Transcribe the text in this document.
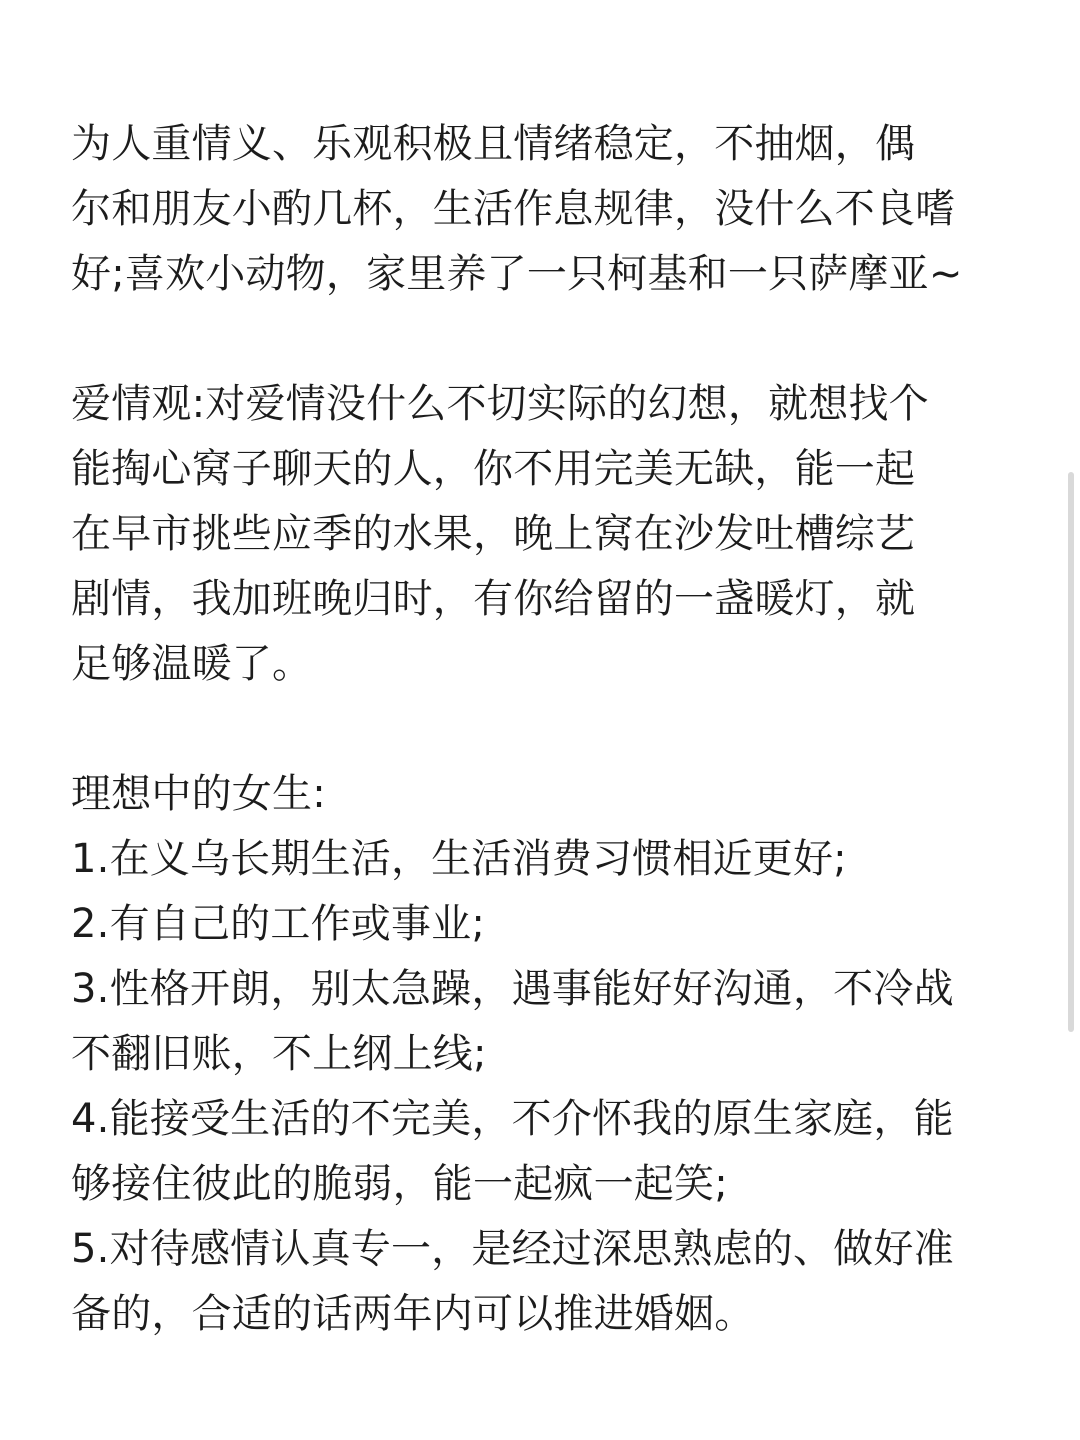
为人重情义、乐观积极且情绪稳定，不抽烟，偶
尔和朋友小酌几杯，生活作息规律，没什么不良嗜
好;喜欢小动物，家里养了一只柯基和一只萨摩亚~
爱情观:对爱情没什么不切实际的幻想，就想找个
能掏心窝子聊天的人，你不用完美无缺，能一起
在早市挑些应季的水果，晚上窝在沙发吐槽综艺
剧情，我加班晚归时，有你给留的一盏暖灯，就
足够温暖了。
理想中的女生:
1.在义乌长期生活，生活消费习惯相近更好;
2.有自己的工作或事业;
3.性格开朗，别太急躁，遇事能好好沟通，不冷战
不翻旧账，不上纲上线;
4.能接受生活的不完美，不介怀我的原生家庭，能
够接住彼此的脆弱，能一起疯一起笑;
5.对待感情认真专一，是经过深思熟虑的、做好准
备的，合适的话两年内可以推进婚姻。
